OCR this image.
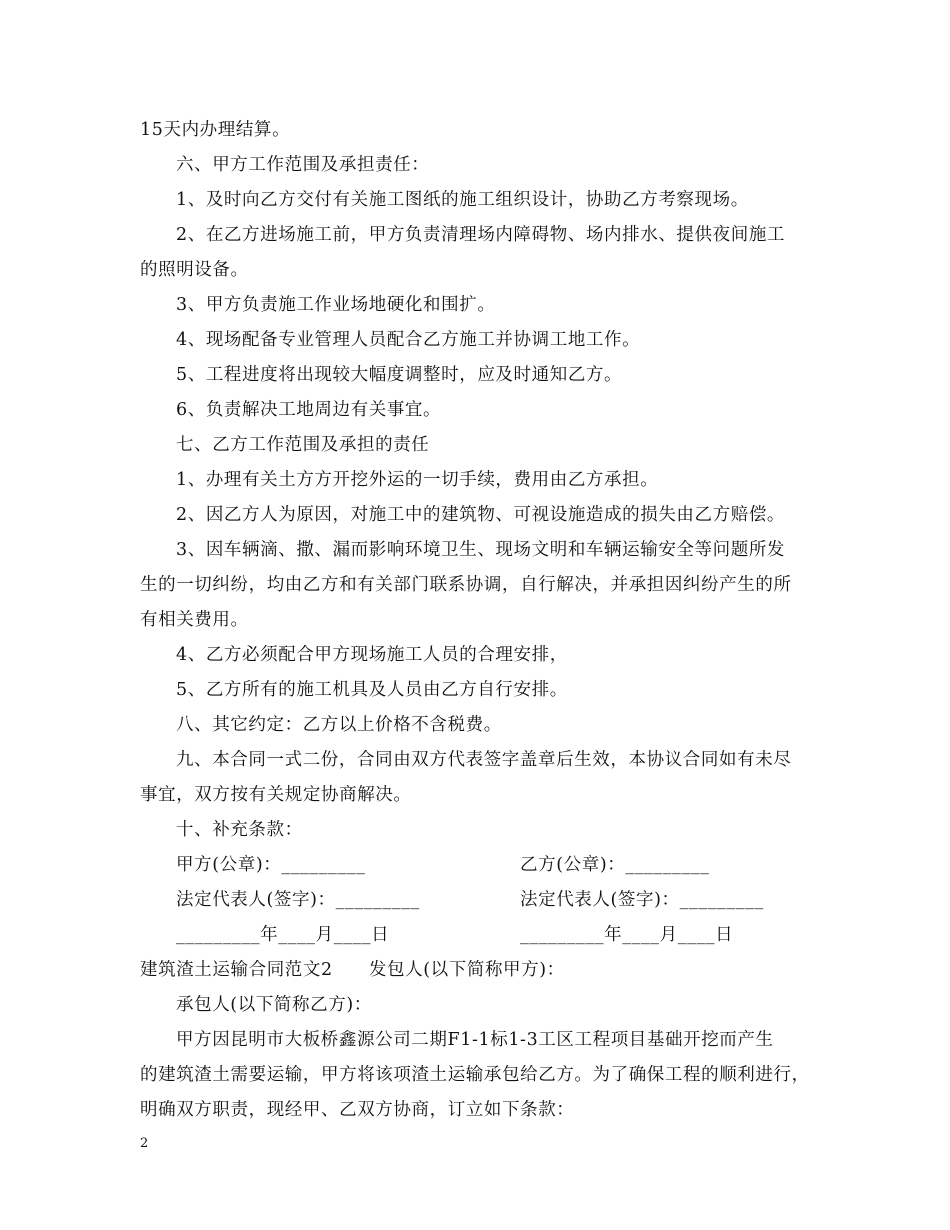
15天内办理结算。
六、甲方工作范围及承担责任：
1、及时向乙方交付有关施工图纸的施工组织设计，协助乙方考察现场。
2、在乙方进场施工前，甲方负责清理场内障碍物、场内排水、提供夜间施工
的照明设备。
3、甲方负责施工作业场地硬化和围扩。
4、现场配备专业管理人员配合乙方施工并协调工地工作。
5、工程进度将出现较大幅度调整时，应及时通知乙方。
6、负责解决工地周边有关事宜。
七、乙方工作范围及承担的责任
1、办理有关土方方开挖外运的一切手续，费用由乙方承担。
2、因乙方人为原因，对施工中的建筑物、可视设施造成的损失由乙方赔偿。
3、因车辆滴、撒、漏而影响环境卫生、现场文明和车辆运输安全等问题所发
生的一切纠纷，均由乙方和有关部门联系协调，自行解决，并承担因纠纷产生的所
有相关费用。
4、乙方必须配合甲方现场施工人员的合理安排，
5、乙方所有的施工机具及人员由乙方自行安排。
八、其它约定：乙方以上价格不含税费。
九、本合同一式二份，合同由双方代表签字盖章后生效，本协议合同如有未尽
事宜，双方按有关规定协商解决。
十、补充条款：
甲方(公章)：_________	乙方(公章)：_________
法定代表人(签字)：_________	法定代表人(签字)：_________
_________年____月____日	_________年____月____日
建筑渣土运输合同范文2　　发包人(以下简称甲方)：
承包人(以下简称乙方)：
甲方因昆明市大板桥鑫源公司二期F1-1标1-3工区工程项目基础开挖而产生
的建筑渣土需要运输，甲方将该项渣土运输承包给乙方。为了确保工程的顺利进行，
明确双方职责，现经甲、乙双方协商，订立如下条款：
2
